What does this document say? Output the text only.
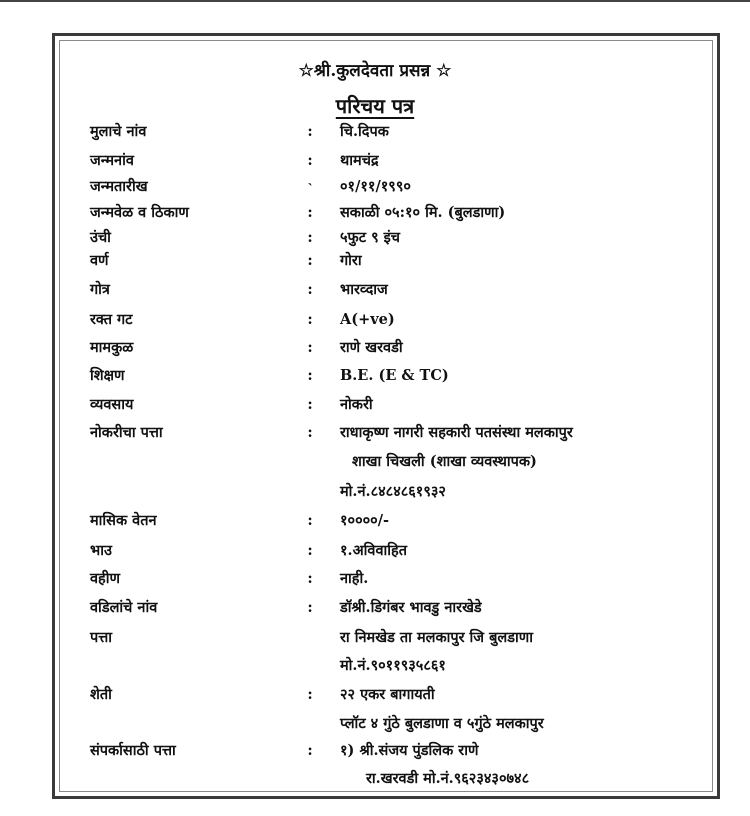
☆श्री.कुलदेवता प्रसन्न ☆
परिचय पत्र
मुलाचे नांव	: चि.दिपक
जन्मनांव	: थामचंद्र
जन्मतारीख	˴ ०१/११/१९९०
जन्मवेळ व ठिकाण	: सकाळी ०५:१० मि. (बुलडाणा)
उंची	: ५फुट ९ इंच
वर्ण	: गोरा
गोत्र	: भारव्दाज
रक्त गट	: A(+ve)
मामकुळ	: राणे खरवडी
शिक्षण	: B.E. (E & TC)
व्यवसाय	: नोकरी
नोकरीचा पत्ता	: राधाकृष्ण नागरी सहकारी पतसंस्था मलकापुर
शाखा चिखली (शाखा व्यवस्थापक)
मो.नं.८४८४८६१९३२
मासिक वेतन	: १००००/-
भाउ	: १.अविवाहित
वहीण	: नाही.
वडिलांचे नांव	: डॉश्री.डिगंबर भावडु नारखेडे
पत्ता	रा निमखेड ता मलकापुर जि बुलडाणा
मो.नं.९०११९३५८६१
शेती	: २२ एकर बागायती
प्लॉट ४ गुंठे बुलडाणा व ५गुंठे मलकापुर
संपर्कासाठी पत्ता	: १) श्री.संजय पुंडलिक राणे
रा.खरवडी मो.नं.९६२३४३०७४८
